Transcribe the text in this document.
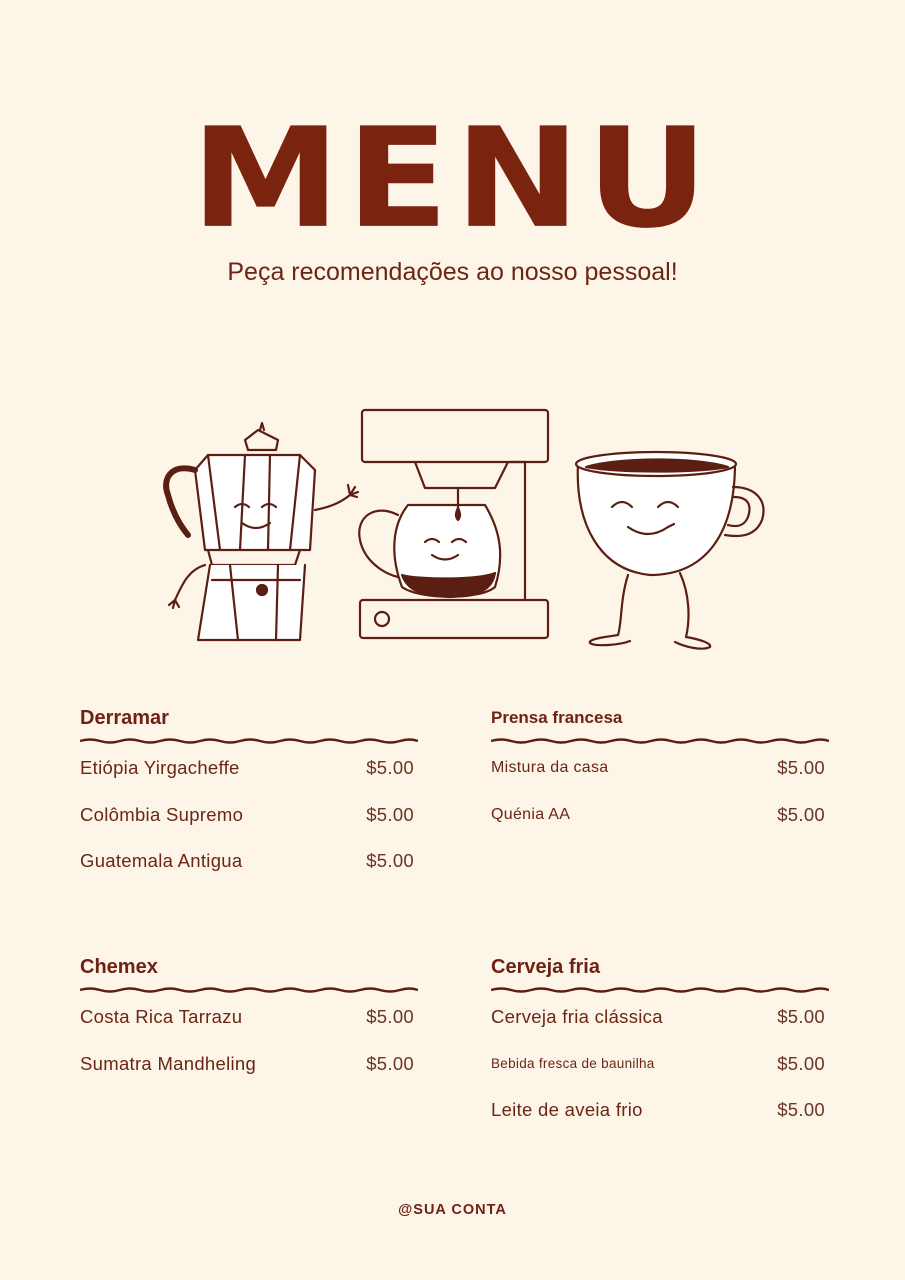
MENU
Peça recomendações ao nosso pessoal!
Derramar
Etiópia Yirgacheffe	$5.00
Colômbia Supremo	$5.00
Guatemala Antigua	$5.00
Prensa francesa
Mistura da casa	$5.00
Quénia AA	$5.00
Chemex
Costa Rica Tarrazu	$5.00
Sumatra Mandheling	$5.00
Cerveja fria
Cerveja fria clássica	$5.00
Bebida fresca de baunilha	$5.00
Leite de aveia frio	$5.00
@SUA CONTA
